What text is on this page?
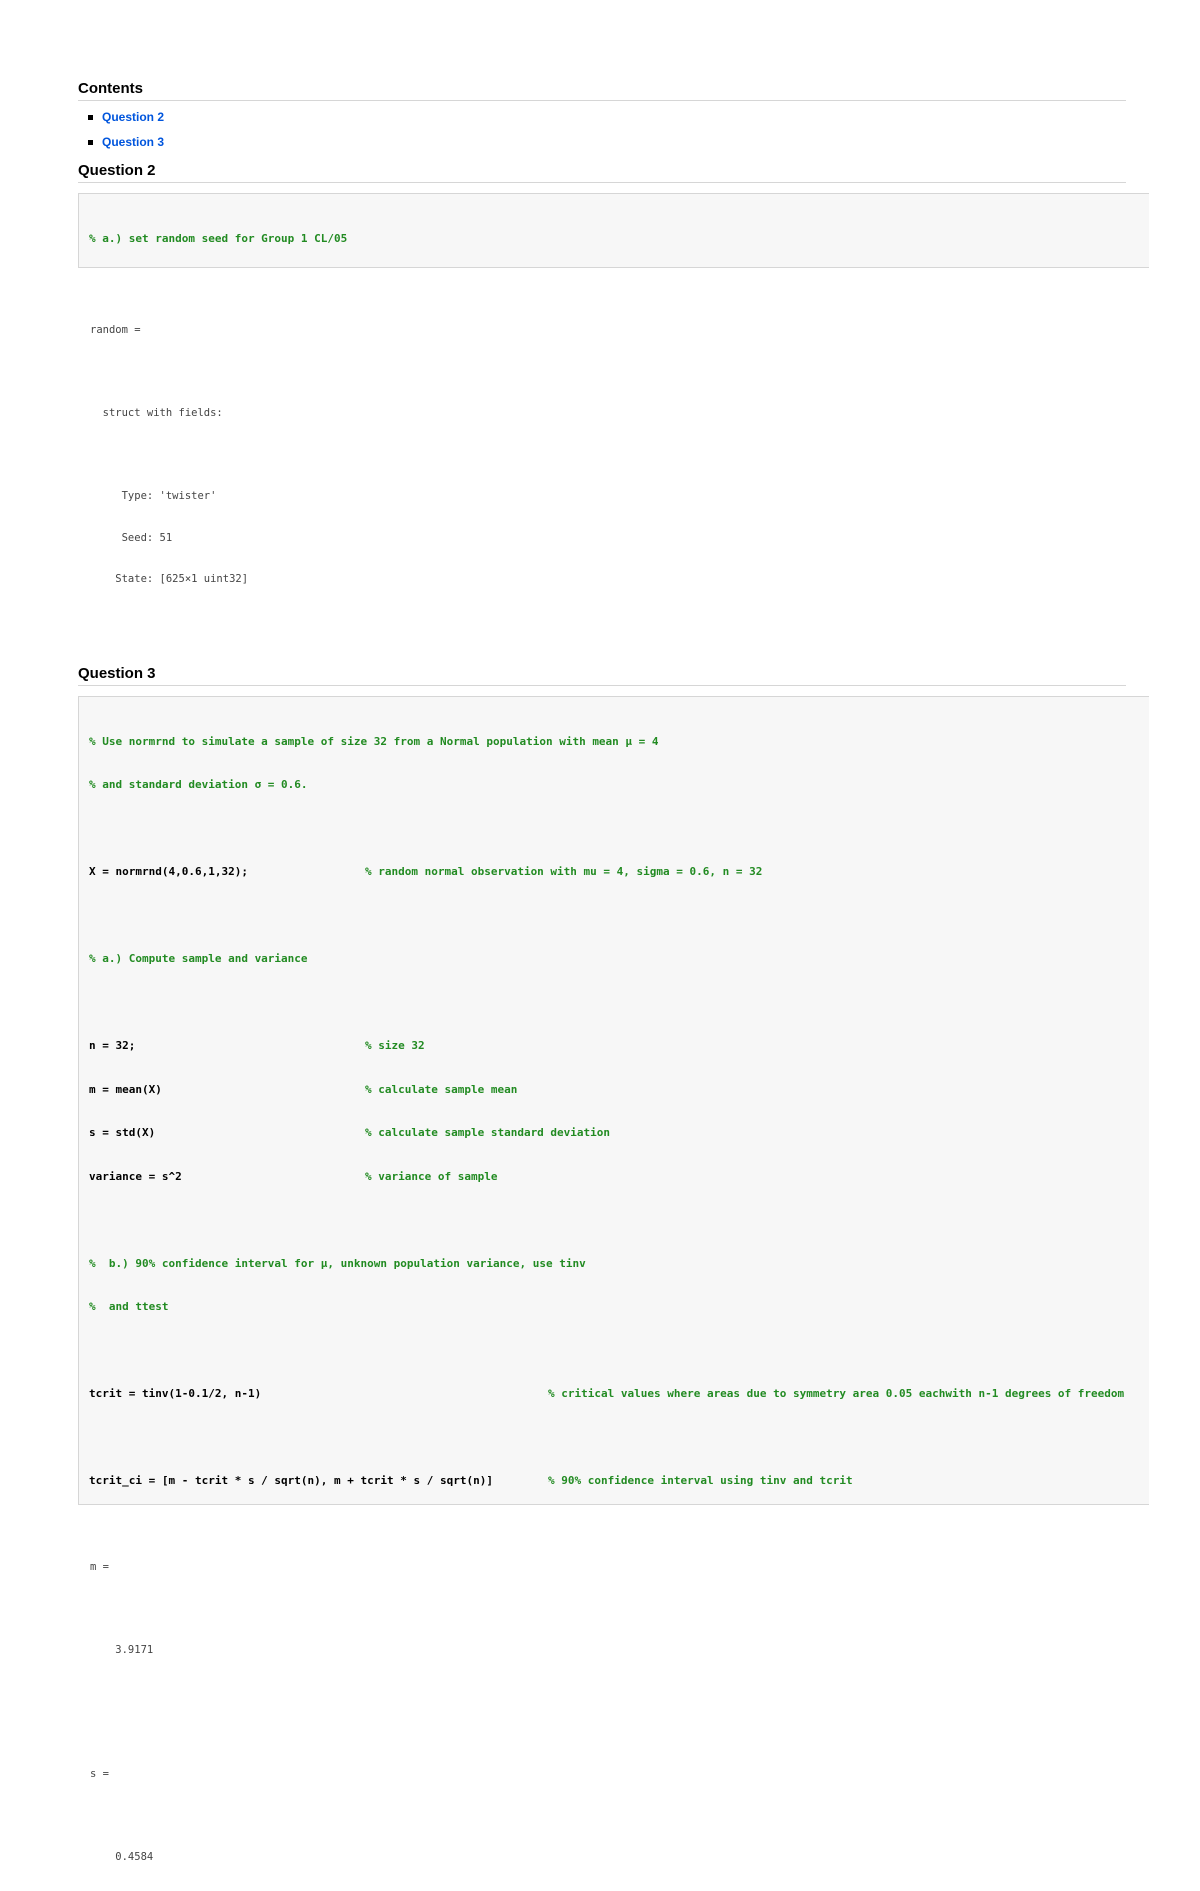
Contents
Question 2
Question 3
Question 2

% a.) set random seed for Group 1 CL/05

random =

struct with fields:

Type: 'twister'

Seed: 51

State: [625×1 uint32]

Question 3

% Use normrnd to simulate a sample of size 32 from a Normal population with mean μ = 4

% and standard deviation σ = 0.6.

X = normrnd(4,0.6,1,32);	% random normal observation with mu = 4, sigma = 0.6, n = 32

% a.) Compute sample and variance

n = 32;	% size 32

m = mean(X)	% calculate sample mean

s = std(X)	% calculate sample standard deviation

variance = s^2	% variance of sample

%  b.) 90% confidence interval for μ, unknown population variance, use tinv

%  and ttest

tcrit = tinv(1-0.1/2, n-1)	% critical values where areas due to symmetry area 0.05 eachwith n-1 degrees of freedom

tcrit_ci = [m - tcrit * s / sqrt(n), m + tcrit * s / sqrt(n)]	% 90% confidence interval using tinv and tcrit

m =

3.9171

s =

0.4584
